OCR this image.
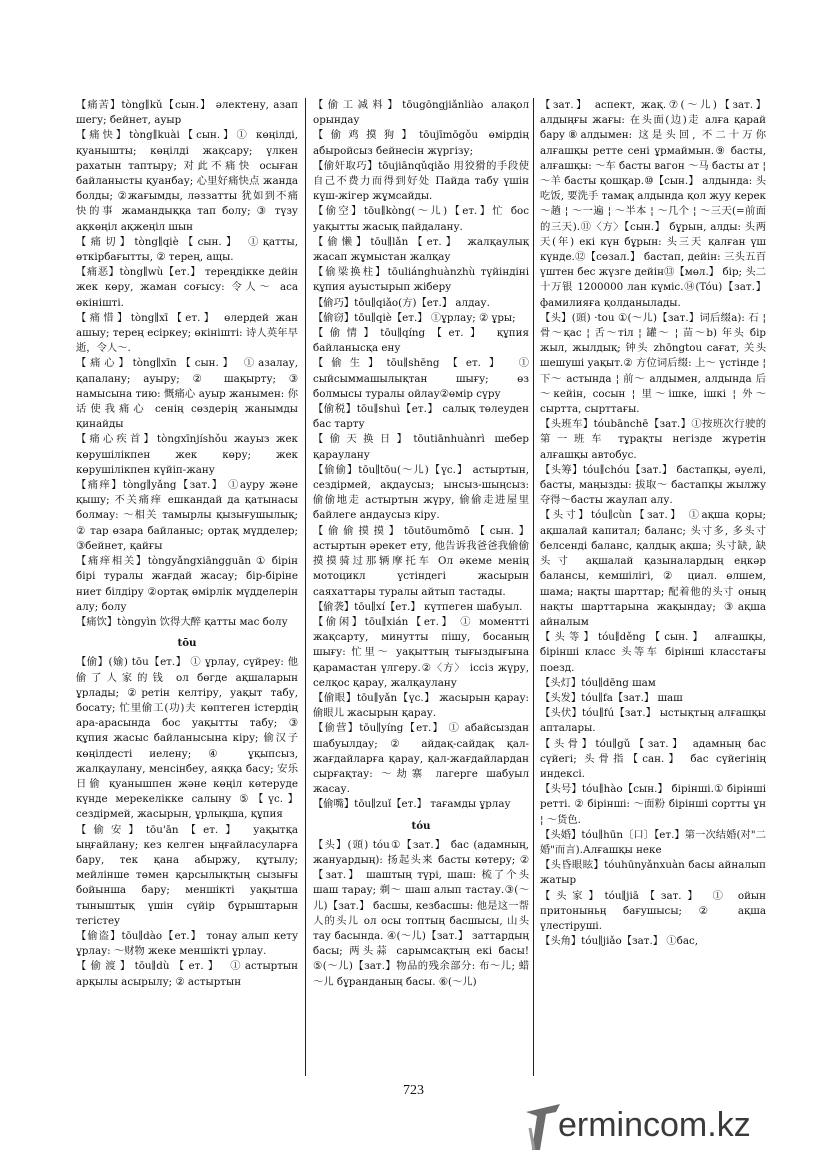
【痛苦】tòng∥kǔ【сын.】 әлектену, азап шегу; бейнет, ауыр

【痛快】tòng∥kuài【сын.】① көңілді, қуанышты; көңілді жақсару; үлкен рахатын таптыру; 对此不痛快 осыған байланысты қуанбау; 心里好痛快点 жанда болды; ②жағымды, ләззатты 犹如到不痛快的事 жамандыққа тап болу; ③ түзу ақкөңіл ақжеңіл шын

【痛切】tòng∥qiè【сын.】 ①қатты, өткірбағытты, ② терең, ащы.

【痛恶】tòng∥wù【ет.】 тереңдікке дейін жек көру, жаман соғысу: 令人～ аса өкінішті.

【痛惜】tòng∥xī【ет.】 өлердей жан ашыу; терең есіркеу; өкінішті: 诗人英年早逝，令人～.

【痛心】tòng∥xīn【сын.】 ①азалау, қапалану; ауыру; ② шақырту; ③ намысына тию: 慨痛心 ауыр жанымен: 你话使我痛心 сенің сөздерің жанымды қинайды

【痛心疾首】tòngxīnjíshǒu жауыз жек көрушілікпен жек көру; жек көрушілікпен күйіп-жану

【痛痒】tòng∥yǎng【зат.】 ①ауру және қышу; 不关痛痒 ешкандай да қатынасы болмау: ～相关 тамырлы қызығушылық; ② тар өзара байланыс; ортақ мүдделер; ③бейнет, қайғы

【痛痒相关】tòngyǎngxiāngguān ① бірін бірі туралы жағдай жасау; бір-біріне ниет білдіру ②ортақ өмірлік мүдделерін алу; болу

【痛饮】tòngyìn 饮得大醉 қатты мас болу

tōu

【偷】(媮) tōu【ет.】 ① ұрлау, сүйреу: 他偷了人家的钱 ол бөгде ақшаларын ұрлады; ②ретін келтіру, уақыт табу, босату; 忙里偷工(功)夫 көптеген істердің ара-арасында бос уақытты табу; ③ құпия жасыс байланысына кіру; 偷汉子 көңілдесті иелену; ④ ұқыпсыз, жалқаулану, менсінбеу, аяққа басу; 安乐日偷 қуанышпен және көңіл көтеруде күнде мерекелікке салыну ⑤【үс.】 сездірмей, жасырын, ұрлықша, құпия

【偷安】tōu'ān【ет.】 уақытқа ыңғайлану; кез келген ыңғайласуларға бару, тек қана абыржу, құтылу; мейлінше төмен қарсылықтың сызығы бойынша бару; меншікті уақытша тыныштық үшін сүйір бұрыштарын тегістеу

【偷盗】tōu∥dào【ет.】 тонау алып кету ұрлау: ～财物 жеке меншікті ұрлау.

【偷渡】tōu∥dù【ет.】 ①астыртын арқылы асырылу; ② астыртын

【偷工减料】tōugōngjiǎnliào алақол орындау

【偷鸡摸狗】tōujīmōgǒu өмірдің абыройсыз бейнесін жүргізу;

【偷奸取巧】tōujiānqǔqiǎo 用狡猾的手段使自己不费力而得到好处 Пайда табу үшін күш-жігер жұмсайды.

【偷空】tōu∥kòng(～儿)【ет.】忙 бос уақытты жасық пайдалану.

【偷懒】tōu∥lǎn【ет.】 жалқаулық жасап жұмыстан жалқау

【偷梁换柱】tōuliánghuànzhù түйіндіні құпия ауыстырып жіберу

【偷巧】tōu∥qiǎo(方)【ет.】 алдау.

【偷窃】tōu∥qiè【ет.】 ①ұрлау; ② ұры;

【偷情】tōu∥qíng【ет.】 құпия байланысқа ену

【偷生】tōu∥shēng【ет.】 ① сыйсыммашылықтан шығу; өз болмысы туралы ойлау②өмір сүру

【偷税】tōu∥shuì【ет.】 салық төлеуден бас тарту

【偷天换日】tōutiānhuànrì шебер қараулану

【偷偷】tōu∥tōu(～儿)【үс.】 астыртын, сездірмей, ақдаусыз; ынсыз-шыңсыз: 偷偷地走 астыртын жүру, 偷偷走进屋里 байлеге андаусыз кіру.

【偷偷摸摸】tōutōumōmō【сын.】 астыртын әрекет ету, 他告诉我爸爸我偷偷摸摸骑过那辆摩托车 Ол әкеме менің мотоцикл үстіндегі жасырын саяхаттары туралы айтып тастады.

【偷袭】tōu∥xí【ет.】 күтпеген шабуыл.

【偷闲】tōu∥xián【ет.】 ① моментті жақсарту, минутты пішу, босаның шығу: 忙里～ уақыттың тығыздығына қарамастан үлгеру.②〈方〉 іссіз жүру, селқос қарау, жалқаулану

【偷眼】tōu∥yǎn【үс.】 жасырын қарау: 偷眼儿 жасырын қарау.

【偷营】tōu∥yíng【ет.】 ① абайсыздан шабуылдау; ② айдақ-сайдақ қал-жағдайларға қарау, қал-жағдайлардан сырғақтау: ～劫寨 лагерге шабуыл жасау.

【偷嘴】tōu∥zuǐ【ет.】 тағамды ұрлау

tóu

【头】(頭) tóu①【зат.】 бас (адамның, жануардың): 扬起头来 басты көтеру; ②【зат.】 шаштың түрі, шаш: 梳了个头 шаш тарау; 剃～ шаш алып тастау.③(～儿)【зат.】 басшы, кезбасшы: 他是这一帮人的头儿 ол осы топтың басшысы, 山头 тау басында. ④(～儿)【зат.】 заттардың басы; 两头蒜 сарымсақтың екі басы! ⑤(～儿)【зат.】物品的残余部分: 布～儿; 蜡～儿 бұранданың басы. ⑥(～儿)

【зат.】 аспект, жақ.⑦(～儿)【зат.】 алдыңғы жағы: 在头面(边)走 алға қарай бару⑧алдымен: 这是头回, 不二十万你 алғашқы ретте сені ұрмаймын.⑨ басты, алғашқы: ～车 басты вагон ～马 басты ат ¦ ～羊 басты қошқар.⑩【сын.】 алдында: 头吃饭, 要洗手 тамақ алдында қол жуу керек～趟 ¦ ～一遍 ¦ ～半本 ¦ ～几个 ¦ ～三天(=前面的三天).⑪〈方〉【сын.】 бұрын, алды: 头两天(年) екі күн бұрын: 头三天 қалған үш күнде.⑫【сөзал.】 бастап, дейін: 三头五百 үштен бес жүзге дейін⑬【мөл.】 бір; 头二十万银 1200000 лан күміс.⑭(Tóu)【зат.】 фамилияға қолданылады.

【头】(頭) ·tou ①(～儿)【зат.】词后缀a): 石 ¦ 骨～қас ¦ 舌～тіл ¦ 罐～ ¦ 苗～b) 年头 бір жыл, жылдық; 钟头 zhōngtou сағат, 关头 шешуші уақыт.② 方位词后缀: 上～ үстінде ¦ 下～ астында ¦ 前～ алдымен, алдында 后～кейін, сосын ¦ 里～ішке, ішкі ¦ 外～сыртта, сырттағы.

【头班车】tóubānchē【зат.】①按班次行驶的第一班车 тұрақты негізде жүретін алғашқы автобус.

【头筹】tóu∥chóu【зат.】 бастапқы, әуелі, басты, маңызды: 拔取～ бастапқы жылжу 夺得～басты жаулап алу.

【头寸】tóu∥cùn【зат.】 ①ақша қоры; ақшалай капитал; баланс; 头寸多, 多头寸 белсенді баланс, қалдық ақша; 头寸缺, 缺头寸 ақшалай қазыналардың еңкәр балансы, кемшілігі, ② циал. өлшем, шама; нақты шарттар; 配着他的头寸 оның нақты шарттарына жақындау; ③ақша айналым

【头等】tóu∥děng【сын.】 алғашқы, бірінші класс 头等车 бірінші класстағы поезд.

【头灯】tóu∥dēng шам

【头发】tóu∥fa【зат.】 шаш

【头伏】tóu∥fú【зат.】 ыстықтың алғашқы апталары.

【头骨】tóu∥gǔ【зат.】 адамның бас сүйегі; 头骨指【сан.】 бас сүйегінің индексі.

【头号】tóu∥hào【сын.】 бірінші.① бірінші ретті. ② бірінші: ～面粉 бірінші сортты ұн ¦ ～货色.

【头婚】tóu∥hūn〔口〕【ет.】第一次结婚(对"二婚"而言).Алғашқы неке

【头昏眼眩】tóuhūnyǎnxuàn басы айналып жатыр

【头家】tóu∥jiā【зат.】 ① ойын притоныньң бағушысы; ② ақша үлестіруші.

【头角】tóu∥jiǎo【зат.】 ①бас,

723
ermincom.kz
